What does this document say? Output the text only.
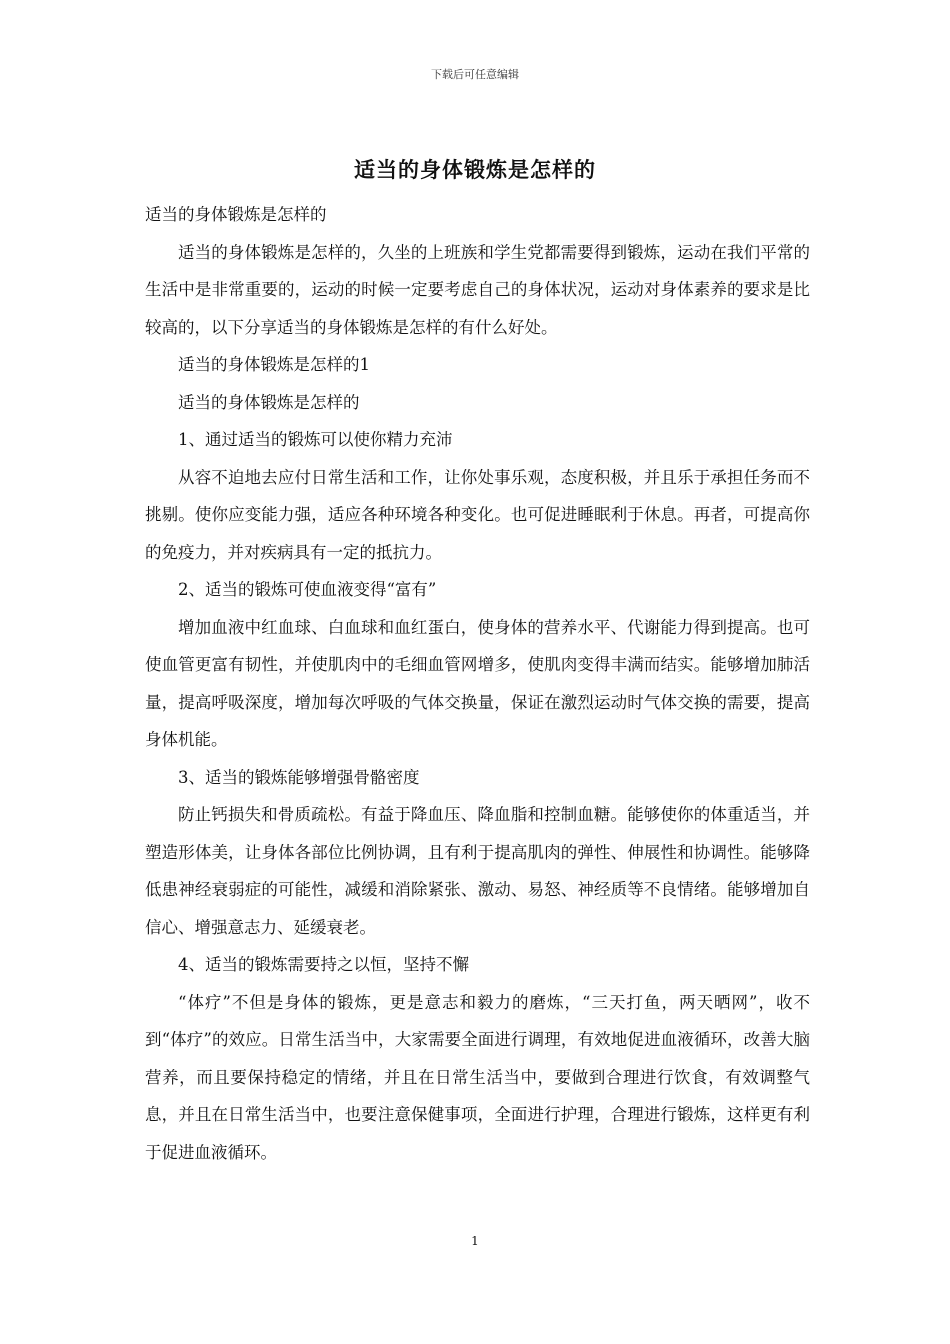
下载后可任意编辑
适当的身体锻炼是怎样的

适当的身体锻炼是怎样的

适当的身体锻炼是怎样的，久坐的上班族和学生党都需要得到锻炼，运动在我们平常的生活中是非常重要的，运动的时候一定要考虑自己的身体状况，运动对身体素养的要求是比较高的，以下分享适当的身体锻炼是怎样的有什么好处。

适当的身体锻炼是怎样的1

适当的身体锻炼是怎样的

1、通过适当的锻炼可以使你精力充沛

从容不迫地去应付日常生活和工作，让你处事乐观，态度积极，并且乐于承担任务而不挑剔。使你应变能力强，适应各种环境各种变化。也可促进睡眠利于休息。再者，可提高你的免疫力，并对疾病具有一定的抵抗力。

2、适当的锻炼可使血液变得“富有”

增加血液中红血球、白血球和血红蛋白，使身体的营养水平、代谢能力得到提高。也可使血管更富有韧性，并使肌肉中的毛细血管网增多，使肌肉变得丰满而结实。能够增加肺活量，提高呼吸深度，增加每次呼吸的气体交换量，保证在激烈运动时气体交换的需要，提高身体机能。

3、适当的锻炼能够增强骨骼密度

防止钙损失和骨质疏松。有益于降血压、降血脂和控制血糖。能够使你的体重适当，并塑造形体美，让身体各部位比例协调，且有利于提高肌肉的弹性、伸展性和协调性。能够降低患神经衰弱症的可能性，减缓和消除紧张、激动、易怒、神经质等不良情绪。能够增加自信心、增强意志力、延缓衰老。

4、适当的锻炼需要持之以恒，坚持不懈

“体疗”不但是身体的锻炼，更是意志和毅力的磨炼，“三天打鱼，两天晒网”，收不到“体疗”的效应。日常生活当中，大家需要全面进行调理，有效地促进血液循环，改善大脑营养，而且要保持稳定的情绪，并且在日常生活当中，要做到合理进行饮食，有效调整气息，并且在日常生活当中，也要注意保健事项，全面进行护理，合理进行锻炼，这样更有利于促进血液循环。

1
